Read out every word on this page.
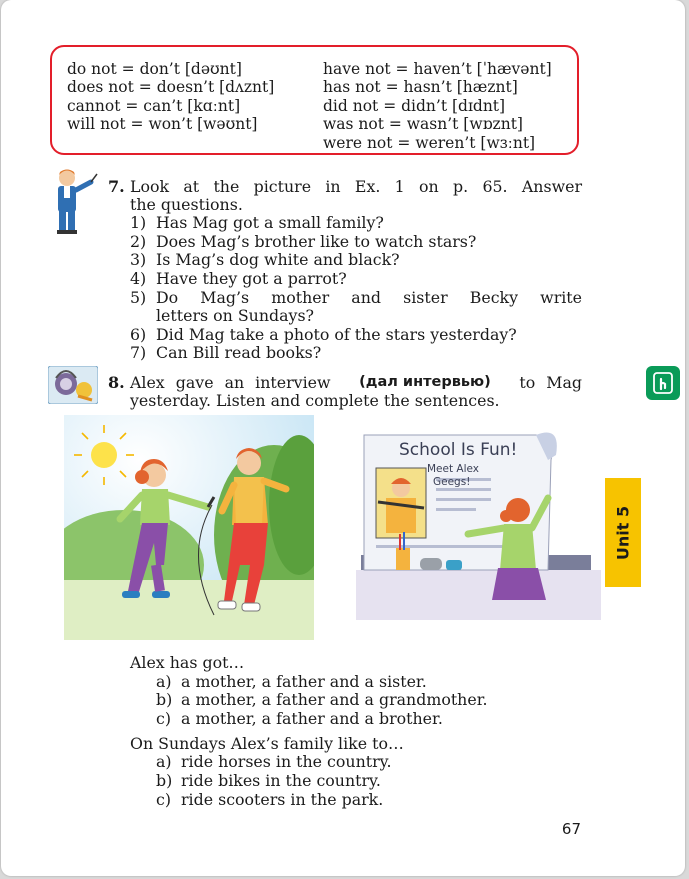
do not = don’t [dəʊnt]
does not = doesn’t [dʌznt]
cannot = can’t [kɑːnt]
will not = won’t [wəʊnt]
have not = haven’t [ˈhævənt]
has not = hasn’t [hæznt]
did not = didn’t [dɪdnt]
was not = wasn’t [wɒznt]
were not = weren’t [wɜːnt]
7. Look at the picture in Ex. 1 on p. 65. Answer
the questions.
1) Has Mag got a small family?
2) Does Mag’s brother like to watch stars?
3) Is Mag’s dog white and black?
4) Have they got a parrot?
5) Do Mag’s mother and sister Becky write
letters on Sundays?
6) Did Mag take a photo of the stars yesterday?
7) Can Bill read books?
8. Alex gave an interview (дал интервью) to Mag
yesterday. Listen and complete the sentences.
School Is Fun!
Meet Alex
Geegs!
Alex has got…
a) a mother, a father and a sister.
b) a mother, a father and a grandmother.
c) a mother, a father and a brother.
On Sundays Alex’s family like to…
a) ride horses in the country.
b) ride bikes in the country.
c) ride scooters in the park.
Unit 5
67
